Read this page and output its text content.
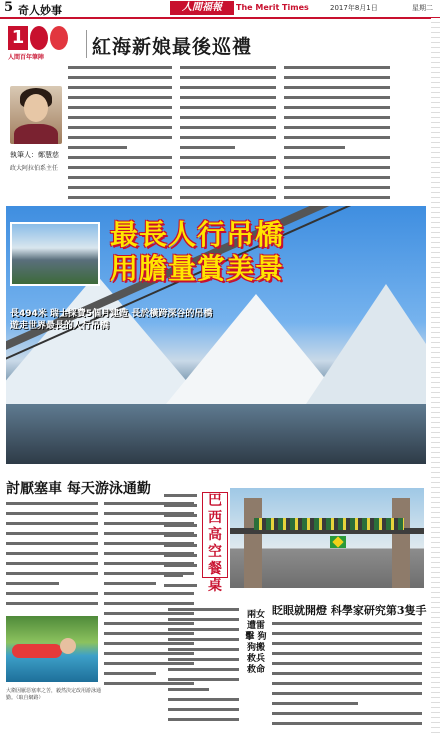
5 奇人妙事	人間福報	The Merit Times	2017年8月1日	星期二
1
人間百年筆陣	紅海新娘最後巡禮
執筆人：鄭慧慈
政大阿拉伯系主任
最長人行吊橋
用膽量賞美景
長494米 瑞士採費5個月建造 長於橫跨深谷的吊橋
遊走世界最長的人行吊橋
討厭塞車 每天游泳通勤
大衛因厭惡塞車之苦，毅然決定改用游泳通勤。（取自網路）
巴西高空餐桌
眨眼就開燈 科學家研究第3隻手
兩女遭雷擊 狗狗搬救兵救命
